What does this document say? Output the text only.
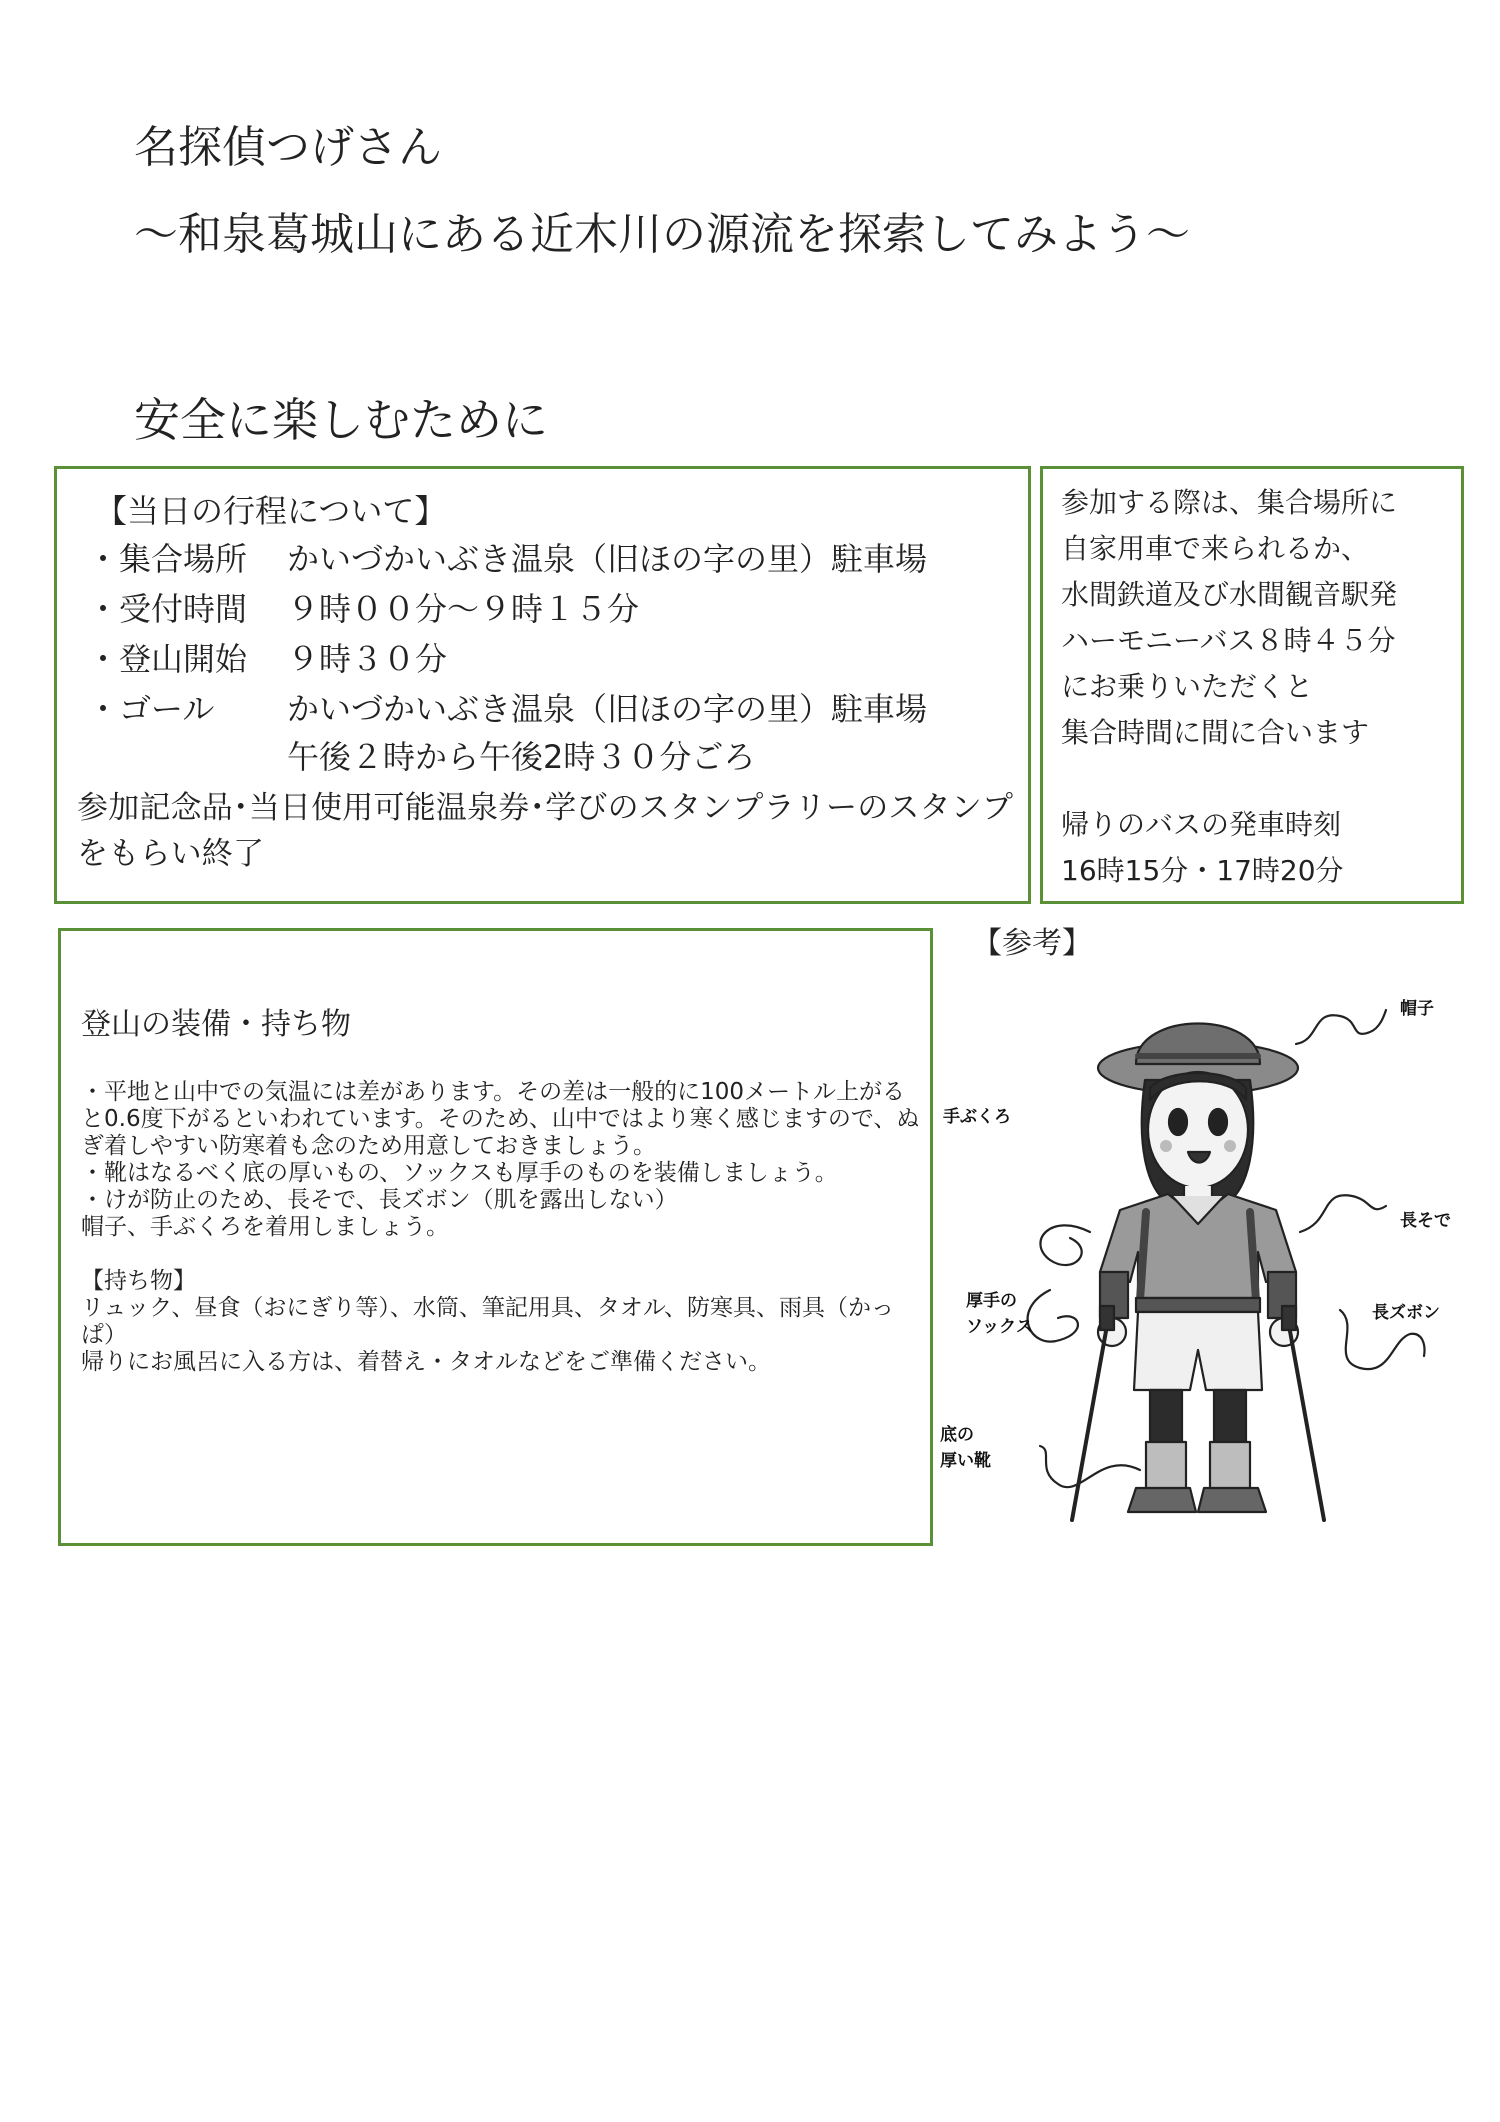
名探偵つげさん
〜和泉葛城山にある近木川の源流を探索してみよう〜
安全に楽しむために
【当日の行程について】
・集合場所 かいづかいぶき温泉（旧ほの字の里）駐車場
・受付時間 ９時００分〜９時１５分
・登山開始 ９時３０分
・ゴール かいづかいぶき温泉（旧ほの字の里）駐車場
午後２時から午後2時３０分ごろ
参加記念品･当日使用可能温泉券･学びのスタンプラリーのスタンプをもらい終了
参加する際は、集合場所に
自家用車で来られるか、
水間鉄道及び水間観音駅発
ハーモニーバス８時４５分
にお乗りいただくと
集合時間に間に合います
帰りのバスの発車時刻
16時15分・17時20分
登山の装備・持ち物

・平地と山中での気温には差があります。その差は一般的に100メートル上がると0.6度下がるといわれています。そのため、山中ではより寒く感じますので、ぬぎ着しやすい防寒着も念のため用意しておきましょう。

・靴はなるべく底の厚いもの、ソックスも厚手のものを装備しましょう。

・けが防止のため、長そで、長ズボン（肌を露出しない）

帽子、手ぶくろを着用しましょう。

【持ち物】

リュック、昼食（おにぎり等）、水筒、筆記用具、タオル、防寒具、雨具（かっぱ）

帰りにお風呂に入る方は、着替え・タオルなどをご準備ください。

【参考】
帽子
手ぶくろ
長そで
厚手の
ソックス
長ズボン
底の
厚い靴
